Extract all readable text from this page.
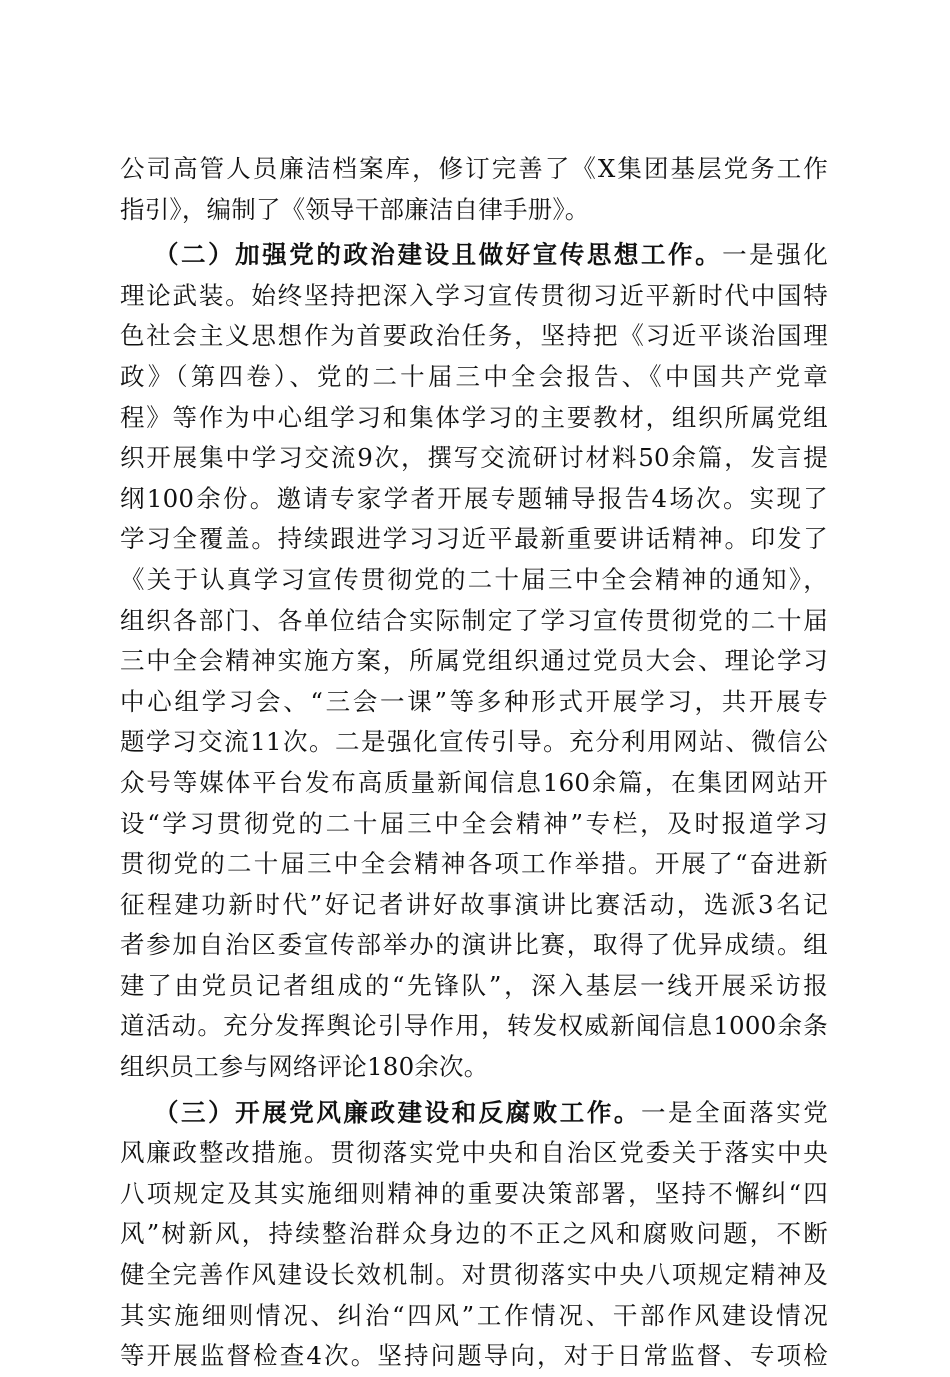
公司高管人员廉洁档案库，修订完善了《X集团基层党务工作
指引》，编制了《领导干部廉洁自律手册》。
（二）加强党的政治建设且做好宣传思想工作。一是强化
理论武装。始终坚持把深入学习宣传贯彻习近平新时代中国特
色社会主义思想作为首要政治任务，坚持把《习近平谈治国理
政》（第四卷）、党的二十届三中全会报告、《中国共产党章
程》等作为中心组学习和集体学习的主要教材，组织所属党组
织开展集中学习交流9次，撰写交流研讨材料50余篇，发言提
纲100余份。邀请专家学者开展专题辅导报告4场次。实现了
学习全覆盖。持续跟进学习习近平最新重要讲话精神。印发了
《关于认真学习宣传贯彻党的二十届三中全会精神的通知》，
组织各部门、各单位结合实际制定了学习宣传贯彻党的二十届
三中全会精神实施方案，所属党组织通过党员大会、理论学习
中心组学习会、“三会一课”等多种形式开展学习，共开展专
题学习交流11次。二是强化宣传引导。充分利用网站、微信公
众号等媒体平台发布高质量新闻信息160余篇，在集团网站开
设“学习贯彻党的二十届三中全会精神”专栏，及时报道学习
贯彻党的二十届三中全会精神各项工作举措。开展了“奋进新
征程建功新时代”好记者讲好故事演讲比赛活动，选派3名记
者参加自治区委宣传部举办的演讲比赛，取得了优异成绩。组
建了由党员记者组成的“先锋队”，深入基层一线开展采访报
道活动。充分发挥舆论引导作用，转发权威新闻信息1000余条
组织员工参与网络评论180余次。
（三）开展党风廉政建设和反腐败工作。一是全面落实党
风廉政整改措施。贯彻落实党中央和自治区党委关于落实中央
八项规定及其实施细则精神的重要决策部署，坚持不懈纠“四
风”树新风，持续整治群众身边的不正之风和腐败问题，不断
健全完善作风建设长效机制。对贯彻落实中央八项规定精神及
其实施细则情况、纠治“四风”工作情况、干部作风建设情况
等开展监督检查4次。坚持问题导向，对于日常监督、专项检
